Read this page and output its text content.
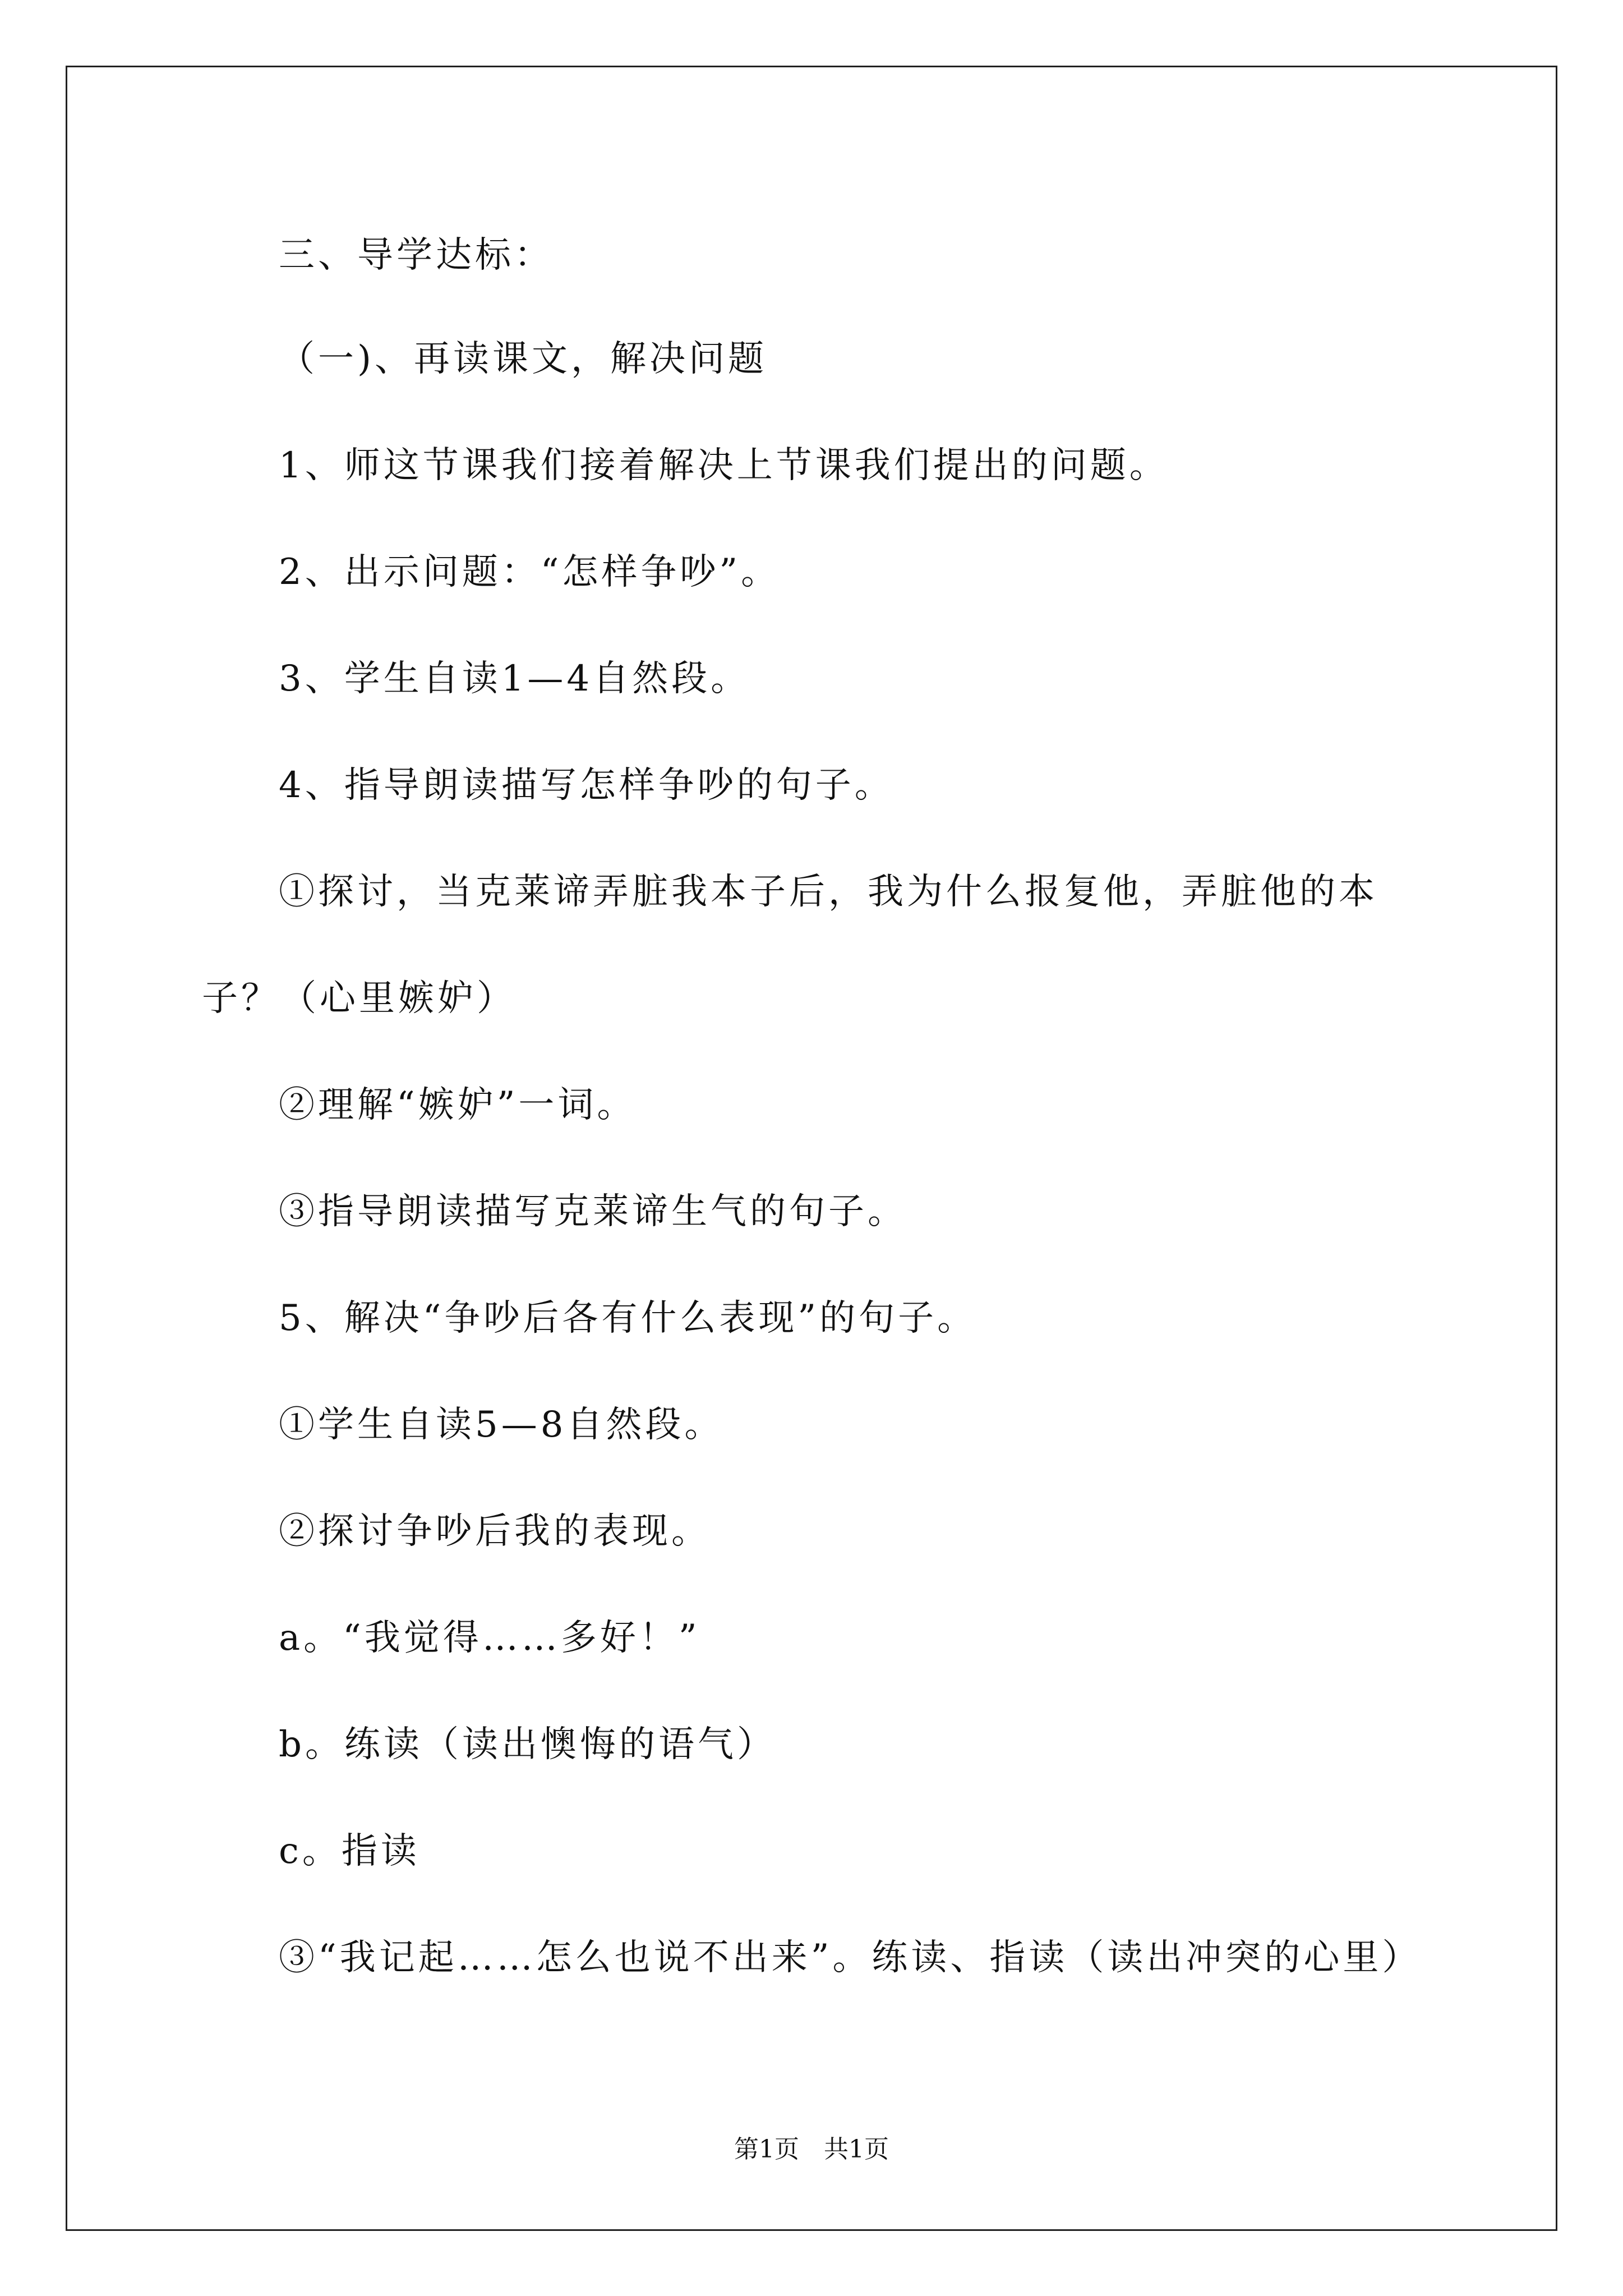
三、导学达标：
（一)、再读课文，解决问题
1、师这节课我们接着解决上节课我们提出的问题。
2、出示问题：“怎样争吵”。
3、学生自读1—4自然段。
4、指导朗读描写怎样争吵的句子。
①探讨，当克莱谛弄脏我本子后，我为什么报复他，弄脏他的本
子？（心里嫉妒）
②理解“嫉妒”一词。
③指导朗读描写克莱谛生气的句子。
5、解决“争吵后各有什么表现”的句子。
①学生自读5—8自然段。
②探讨争吵后我的表现。
a。“我觉得……多好！”
b。练读（读出懊悔的语气）
c。指读
③“我记起……怎么也说不出来”。练读、指读（读出冲突的心里）
第1页　共1页
